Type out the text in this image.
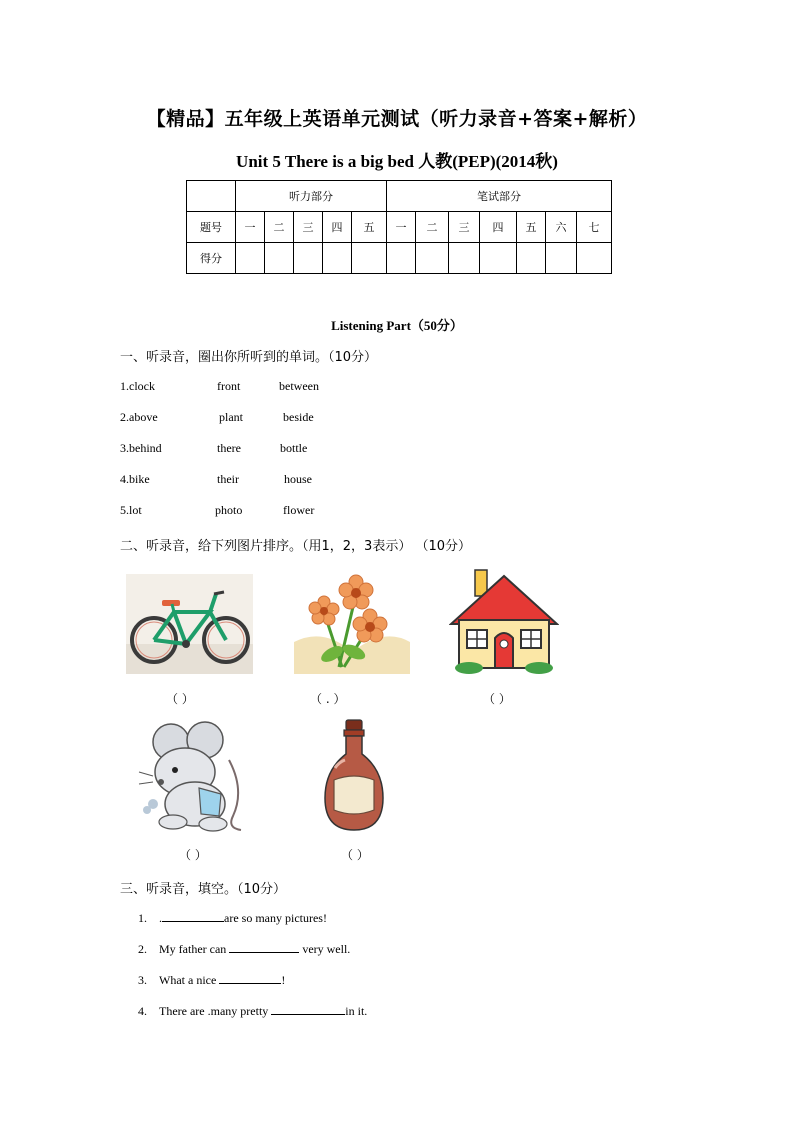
【精品】五年级上英语单元测试（听力录音+答案+解析）
Unit 5 There is a big bed 人教(PEP)(2014秋)
	听力部分					笔试部分						
题号	一	二	三	四	五	一	二	三	四	五	六	七
得分												
Listening Part（50分）
一、听录音，圈出你所听到的单词。（10分）
1.clock	front	between
2.above	plant	beside
3.behind	there	bottle
4.bike	their	house
5.lot	photo	flower
二、听录音，给下列图片排序。（用1，2，3表示） （10分）
（ ）	（ . ）	（ ）
（ ）	（ ）
三、听录音，填空。（10分）
1. .	are so many pictures!
2. My father can	very well.
3. What a nice	!
4. There are .many pretty	in it.
